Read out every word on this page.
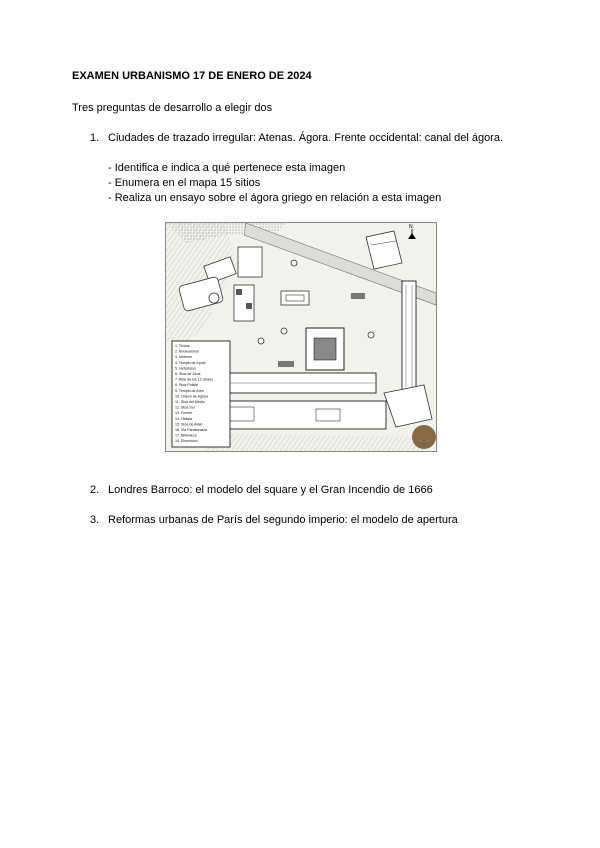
EXAMEN URBANISMO 17 DE ENERO DE 2024
Tres preguntas de desarrollo a elegir dos
1. Ciudades de trazado irregular: Atenas. Ágora. Frente occidental: canal del ágora.
- Identifica e indica a qué pertenece esta imagen
- Enumera en el mapa 15 sitios
- Realiza un ensayo sobre el ágora griego en relación a esta imagen
N
1. Tholos
2. Bouleuterion
3. Metroon
4. Templo de Apolo
5. Hefesteion
6. Stoa de Zeus
7. Altar de los 12 dioses
8. Stoa Poikile
9. Templo de Ares
10. Odeon de Agripa
11. Stoa del Medio
12. Stoa Sur
13. Fuente
14. Heliaia
15. Stoa de Atalo
16. Via Panatenaica
17. Biblioteca
18. Eleusinion
2. Londres Barroco: el modelo del square y el Gran Incendio de 1666
3. Reformas urbanas de París del segundo imperio: el modelo de apertura
